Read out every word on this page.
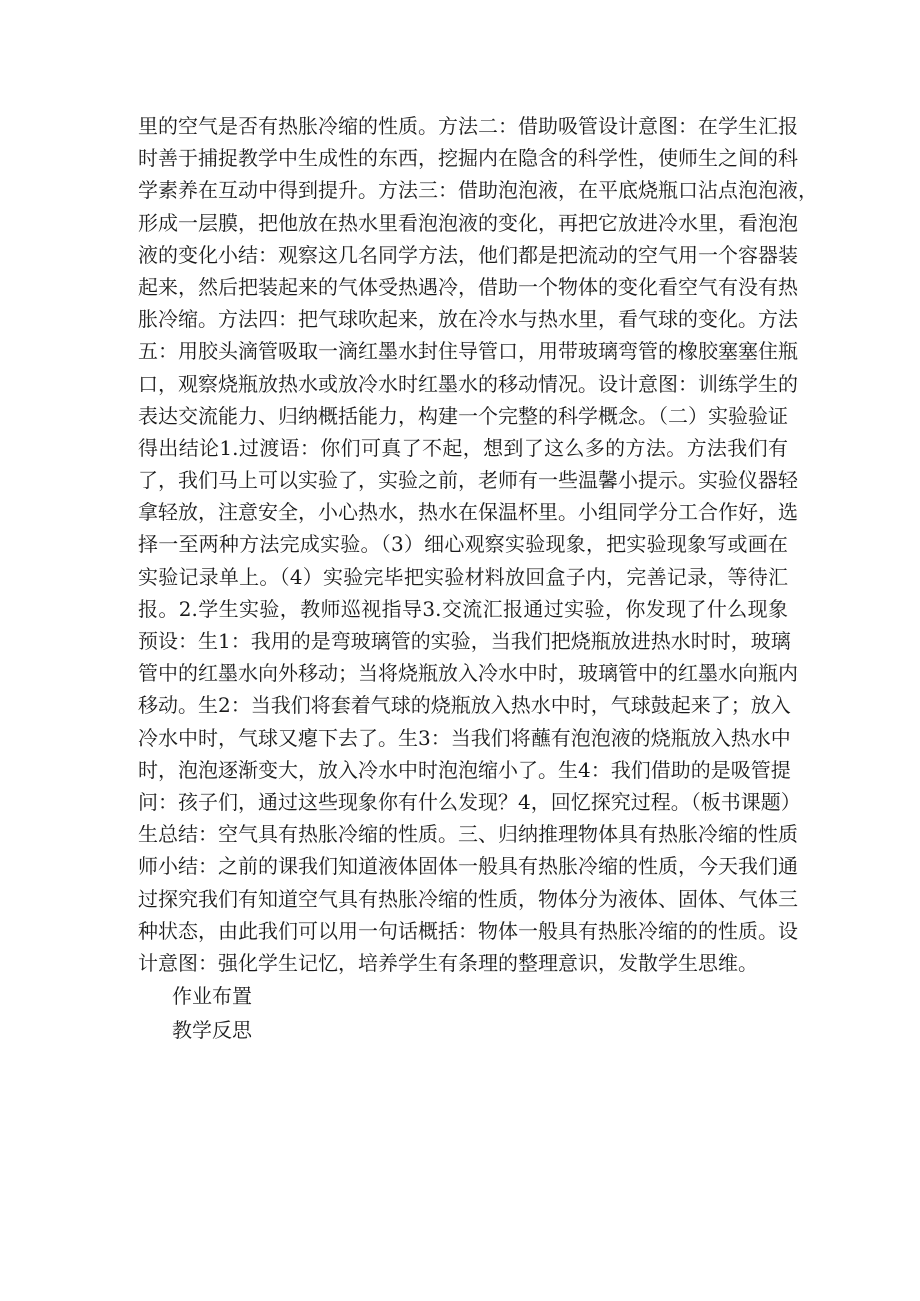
里的空气是否有热胀冷缩的性质。方法二：借助吸管设计意图：在学生汇报
时善于捕捉教学中生成性的东西，挖掘内在隐含的科学性，使师生之间的科
学素养在互动中得到提升。方法三：借助泡泡液，在平底烧瓶口沾点泡泡液，
形成一层膜，把他放在热水里看泡泡液的变化，再把它放进冷水里，看泡泡
液的变化小结：观察这几名同学方法，他们都是把流动的空气用一个容器装
起来，然后把装起来的气体受热遇冷，借助一个物体的变化看空气有没有热
胀冷缩。方法四：把气球吹起来，放在冷水与热水里，看气球的变化。方法
五：用胶头滴管吸取一滴红墨水封住导管口，用带玻璃弯管的橡胶塞塞住瓶
口，观察烧瓶放热水或放冷水时红墨水的移动情况。设计意图：训练学生的
表达交流能力、归纳概括能力，构建一个完整的科学概念。（二）实验验证
得出结论1.过渡语：你们可真了不起，想到了这么多的方法。方法我们有
了，我们马上可以实验了，实验之前，老师有一些温馨小提示。实验仪器轻
拿轻放，注意安全，小心热水，热水在保温杯里。小组同学分工合作好，选
择一至两种方法完成实验。（3）细心观察实验现象，把实验现象写或画在
实验记录单上。（4）实验完毕把实验材料放回盒子内，完善记录，等待汇
报。2.学生实验，教师巡视指导3.交流汇报通过实验，你发现了什么现象
预设：生1：我用的是弯玻璃管的实验，当我们把烧瓶放进热水时时，玻璃
管中的红墨水向外移动；当将烧瓶放入冷水中时，玻璃管中的红墨水向瓶内
移动。生2：当我们将套着气球的烧瓶放入热水中时，气球鼓起来了；放入
冷水中时，气球又瘪下去了。生3：当我们将蘸有泡泡液的烧瓶放入热水中
时，泡泡逐渐变大，放入冷水中时泡泡缩小了。生4：我们借助的是吸管提
问：孩子们，通过这些现象你有什么发现？4，回忆探究过程。（板书课题）
生总结：空气具有热胀冷缩的性质。三、归纳推理物体具有热胀冷缩的性质
师小结：之前的课我们知道液体固体一般具有热胀冷缩的性质，今天我们通
过探究我们有知道空气具有热胀冷缩的性质，物体分为液体、固体、气体三
种状态，由此我们可以用一句话概括：物体一般具有热胀冷缩的的性质。设
计意图：强化学生记忆，培养学生有条理的整理意识，发散学生思维。
作业布置
教学反思
